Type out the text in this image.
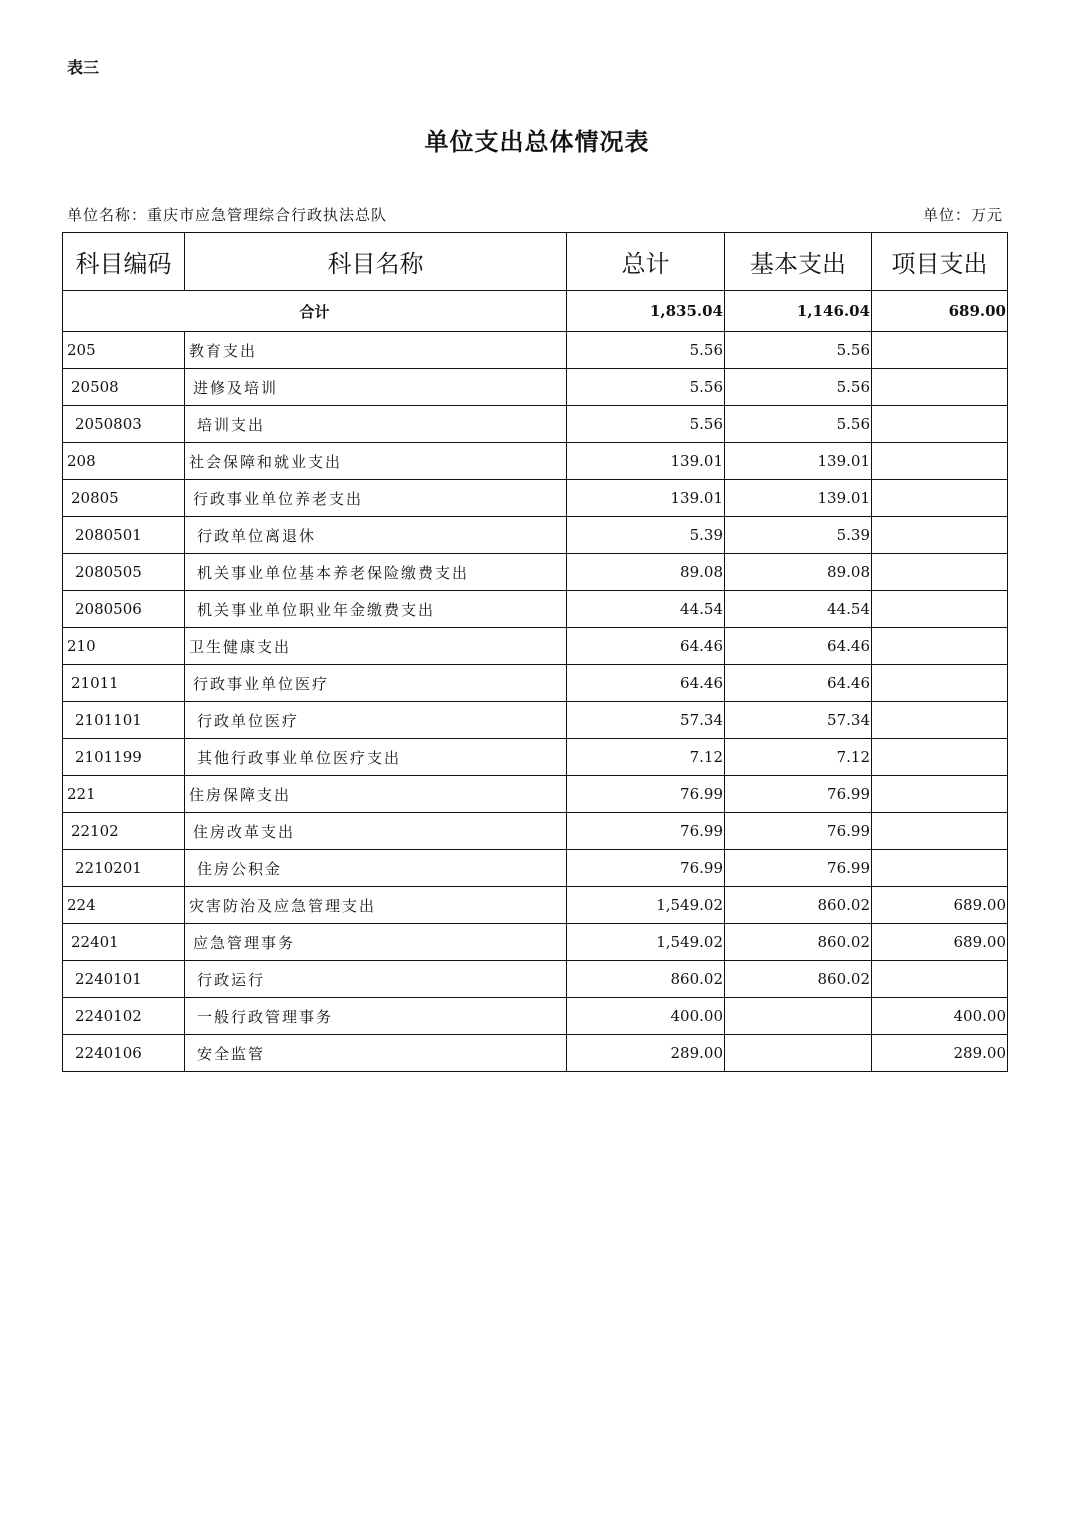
表三
单位支出总体情况表
单位名称：重庆市应急管理综合行政执法总队	单位：万元
科目编码	科目名称	总计	基本支出	项目支出
合计		1,835.04	1,146.04	689.00
205	教育支出	5.56	5.56	
20508	进修及培训	5.56	5.56	
2050803	培训支出	5.56	5.56	
208	社会保障和就业支出	139.01	139.01	
20805	行政事业单位养老支出	139.01	139.01	
2080501	行政单位离退休	5.39	5.39	
2080505	机关事业单位基本养老保险缴费支出	89.08	89.08	
2080506	机关事业单位职业年金缴费支出	44.54	44.54	
210	卫生健康支出	64.46	64.46	
21011	行政事业单位医疗	64.46	64.46	
2101101	行政单位医疗	57.34	57.34	
2101199	其他行政事业单位医疗支出	7.12	7.12	
221	住房保障支出	76.99	76.99	
22102	住房改革支出	76.99	76.99	
2210201	住房公积金	76.99	76.99	
224	灾害防治及应急管理支出	1,549.02	860.02	689.00
22401	应急管理事务	1,549.02	860.02	689.00
2240101	行政运行	860.02	860.02	
2240102	一般行政管理事务	400.00		400.00
2240106	安全监管	289.00		289.00
